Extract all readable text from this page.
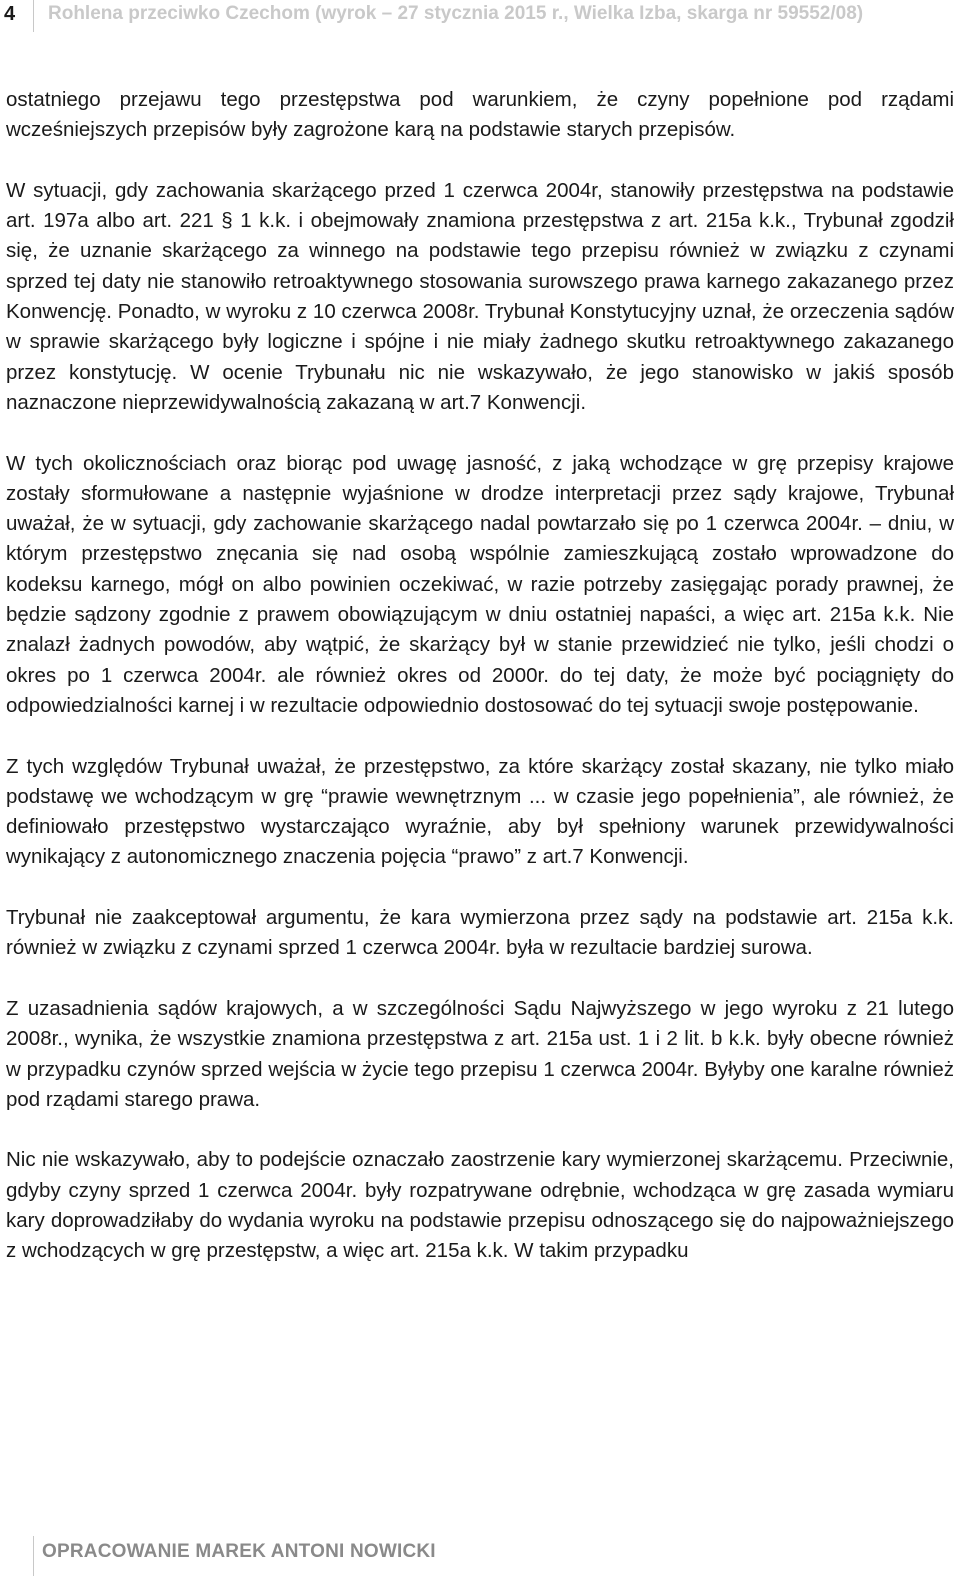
4 Rohlena przeciwko Czechom (wyrok – 27 stycznia 2015 r., Wielka Izba, skarga nr 59552/08)

ostatniego przejawu tego przestępstwa pod warunkiem, że czyny popełnione pod rządami wcześniejszych przepisów były zagrożone karą na podstawie starych przepisów.

W sytuacji, gdy zachowania skarżącego przed 1 czerwca 2004r, stanowiły przestępstwa na podstawie art. 197a albo art. 221 § 1 k.k. i obejmowały znamiona przestępstwa z art. 215a k.k., Trybunał zgodził się, że uznanie skarżącego za winnego na podstawie tego przepisu również w związku z czynami sprzed tej daty nie stanowiło retroaktywnego stosowania surowszego prawa karnego zakazanego przez Konwencję. Ponadto, w wyroku z 10 czerwca 2008r. Trybunał Konstytucyjny uznał, że orzeczenia sądów w sprawie skarżącego były logiczne i spójne i nie miały żadnego skutku retroaktywnego zakazanego przez konstytucję. W ocenie Trybunału nic nie wskazywało, że jego stanowisko w jakiś sposób naznaczone nieprzewidywalnością zakazaną w art.7 Konwencji.

W tych okolicznościach oraz biorąc pod uwagę jasność, z jaką wchodzące w grę przepisy krajowe zostały sformułowane a następnie wyjaśnione w drodze interpretacji przez sądy krajowe, Trybunał uważał, że w sytuacji, gdy zachowanie skarżącego nadal powtarzało się po 1 czerwca 2004r. – dniu, w którym przestępstwo znęcania się nad osobą wspólnie zamieszkującą zostało wprowadzone do kodeksu karnego, mógł on albo powinien oczekiwać, w razie potrzeby zasięgając porady prawnej, że będzie sądzony zgodnie z prawem obowiązującym w dniu ostatniej napaści, a więc art. 215a k.k. Nie znalazł żadnych powodów, aby wątpić, że skarżący był w stanie przewidzieć nie tylko, jeśli chodzi o okres po 1 czerwca 2004r. ale również okres od 2000r. do tej daty, że może być pociągnięty do odpowiedzialności karnej i w rezultacie odpowiednio dostosować do tej sytuacji swoje postępowanie.

Z tych względów Trybunał uważał, że przestępstwo, za które skarżący został skazany, nie tylko miało podstawę we wchodzącym w grę “prawie wewnętrznym ... w czasie jego popełnienia”, ale również, że definiowało przestępstwo wystarczająco wyraźnie, aby był spełniony warunek przewidywalności wynikający z autonomicznego znaczenia pojęcia “prawo” z art.7 Konwencji.

Trybunał nie zaakceptował argumentu, że kara wymierzona przez sądy na podstawie art. 215a k.k. również w związku z czynami sprzed 1 czerwca 2004r. była w rezultacie bardziej surowa.

Z uzasadnienia sądów krajowych, a w szczególności Sądu Najwyższego w jego wyroku z 21 lutego 2008r., wynika, że wszystkie znamiona przestępstwa z art. 215a ust. 1 i 2 lit. b k.k. były obecne również w przypadku czynów sprzed wejścia w życie tego przepisu 1 czerwca 2004r. Byłyby one karalne również pod rządami starego prawa.

Nic nie wskazywało, aby to podejście oznaczało zaostrzenie kary wymierzonej skarżącemu. Przeciwnie, gdyby czyny sprzed 1 czerwca 2004r. były rozpatrywane odrębnie, wchodząca w grę zasada wymiaru kary doprowadziłaby do wydania wyroku na podstawie przepisu odnoszącego się do najpoważniejszego z wchodzących w grę przestępstw, a więc art. 215a k.k. W takim przypadku

OPRACOWANIE MAREK ANTONI NOWICKI
